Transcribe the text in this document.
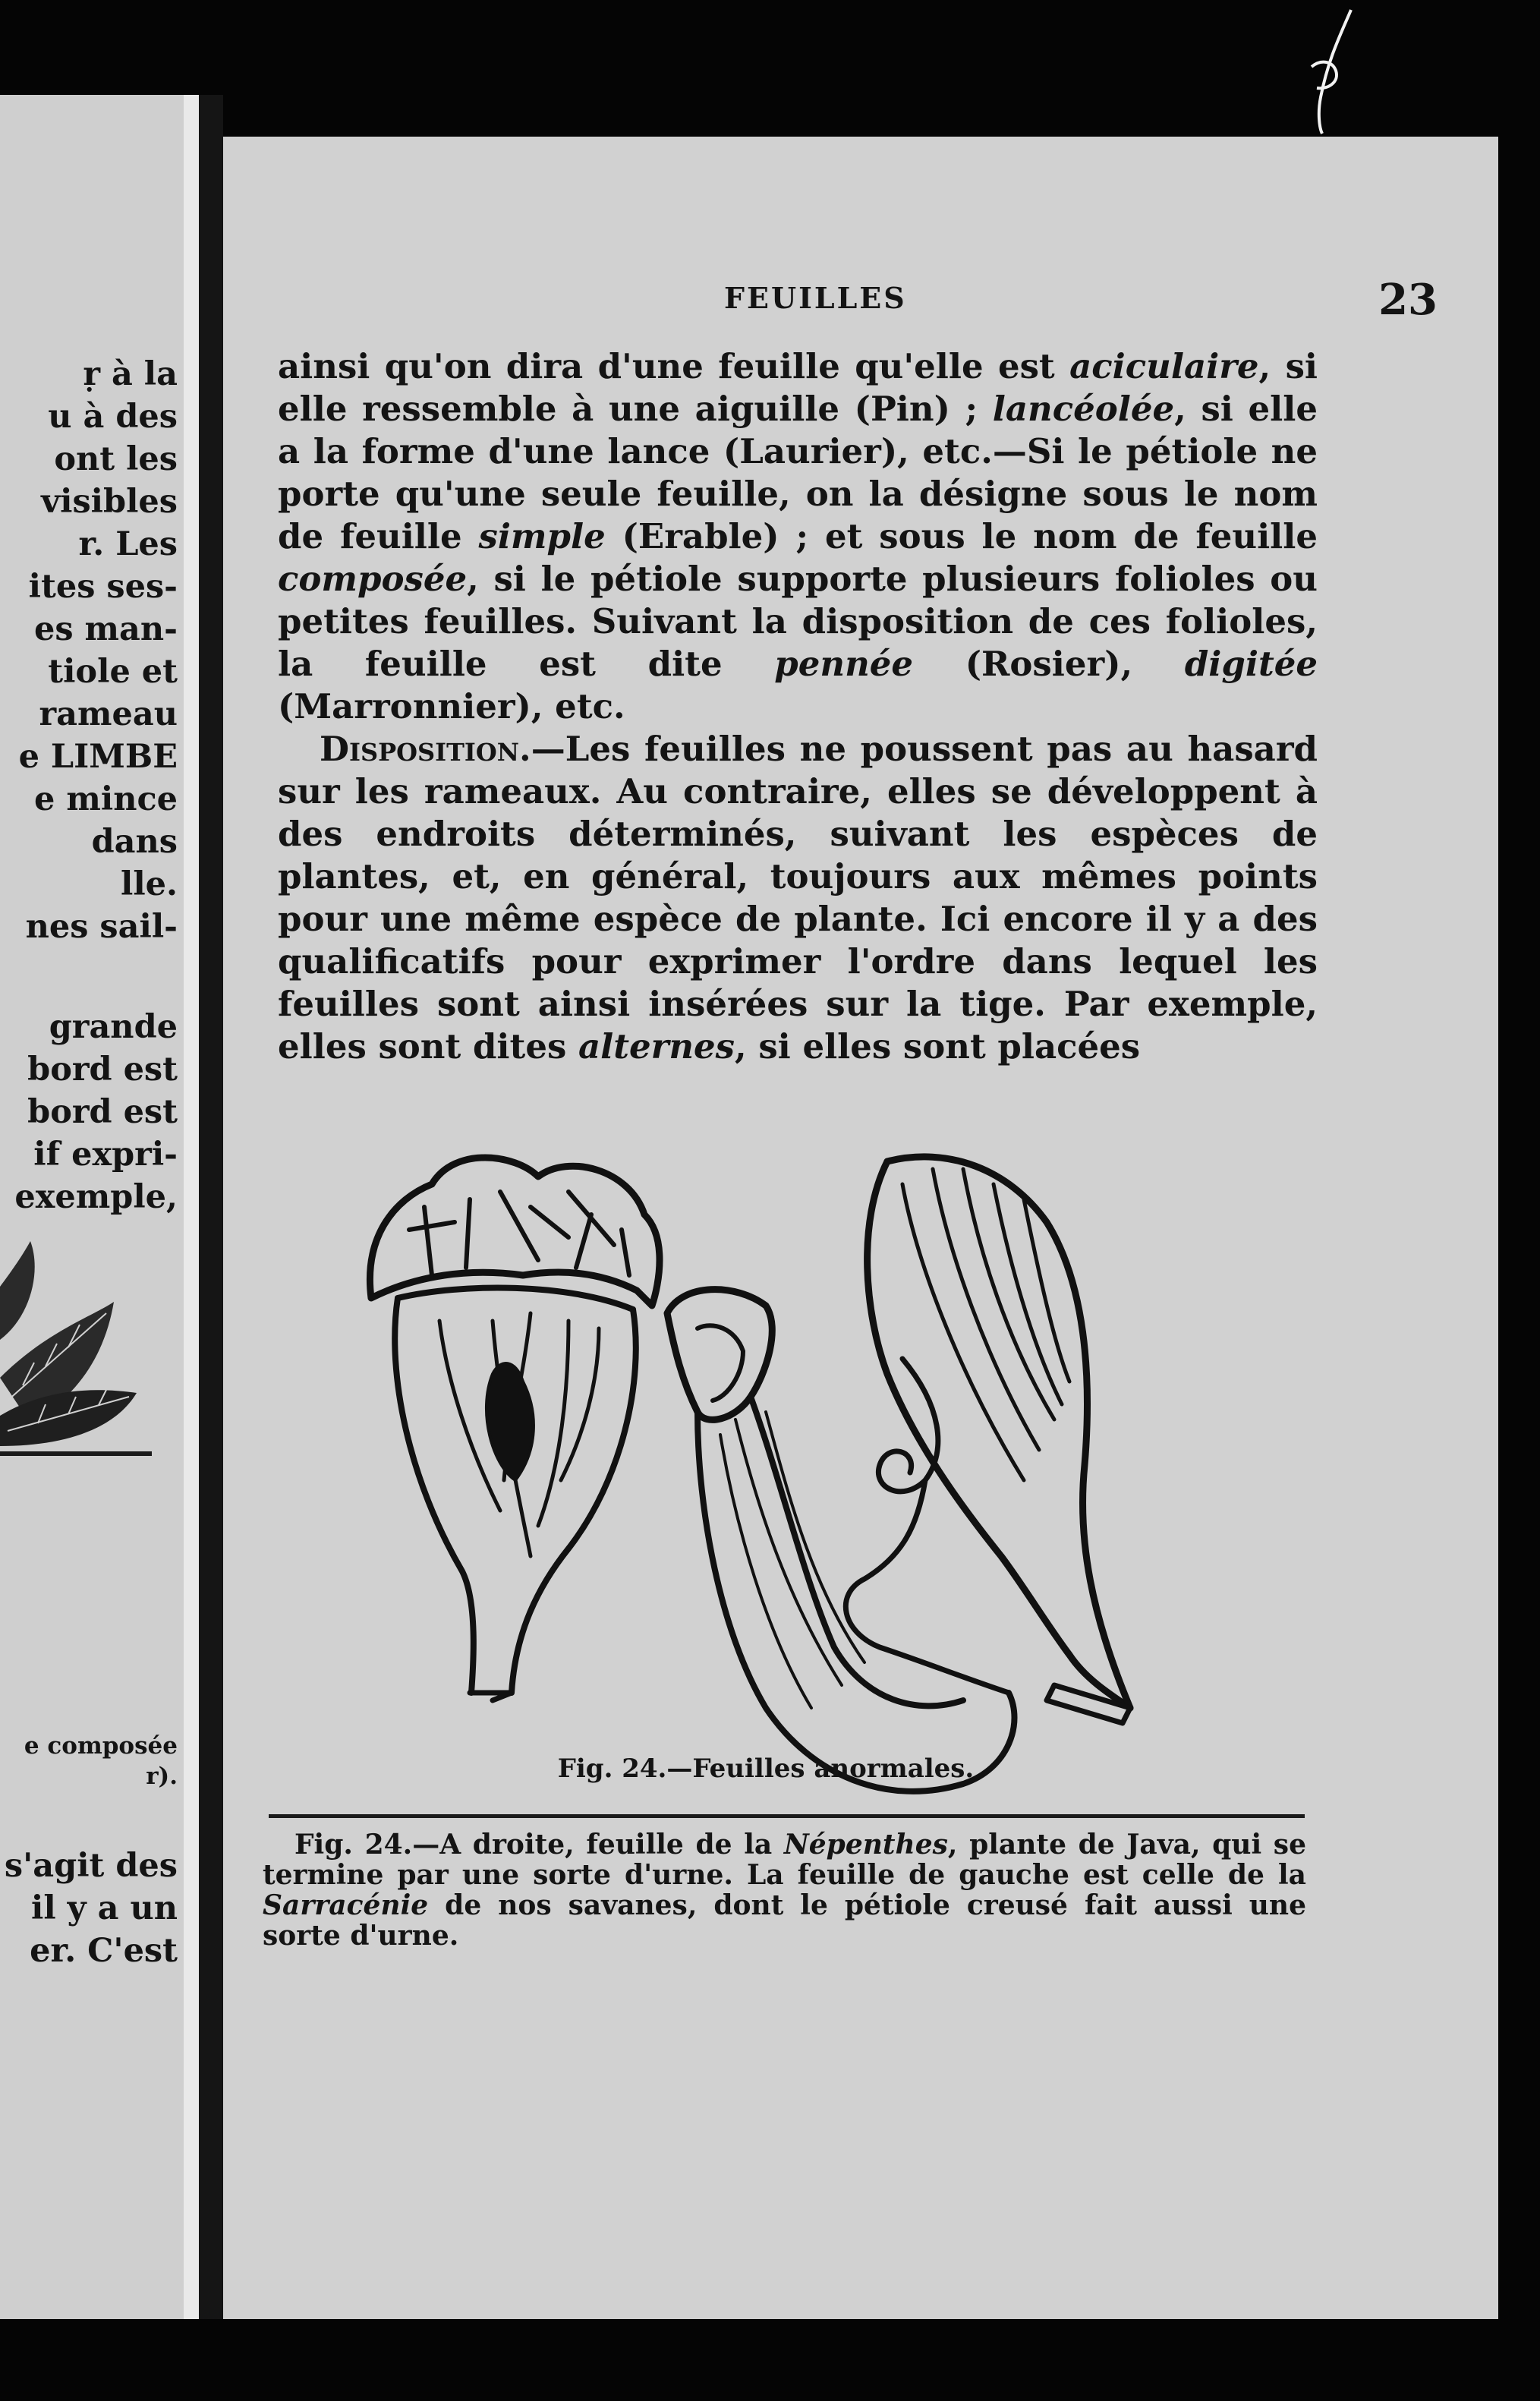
ṛ à la
u à des
ont les
visibles
r. Les
ites ses-
es man-
tiole et
rameau
e LIMBE
e mince
dans
lle.
nes sail-
grande
bord est
bord est
if expri-
exemple,
e composée
r).
s'agit des
il y a un
er. C'est
FEUILLES	23

ainsi qu'on dira d'une feuille qu'elle est aciculaire, si elle ressemble à une aiguille (Pin) ; lancéolée, si elle a la forme d'une lance (Laurier), etc.—Si le pétiole ne porte qu'une seule feuille, on la désigne sous le nom de feuille simple (Erable) ; et sous le nom de feuille composée, si le pétiole supporte plusieurs folioles ou petites feuilles. Suivant la disposition de ces folioles, la feuille est dite pennée (Rosier), digitée (Marronnier), etc.

Disposition.—Les feuilles ne poussent pas au hasard sur les rameaux. Au contraire, elles se développent à des endroits déterminés, suivant les espèces de plantes, et, en général, toujours aux mêmes points pour une même espèce de plante. Ici encore il y a des qualificatifs pour exprimer l'ordre dans lequel les feuilles sont ainsi insérées sur la tige. Par exemple, elles sont dites alternes, si elles sont placées

Fig. 24.—Feuilles anormales.

Fig. 24.—A droite, feuille de la Népenthes, plante de Java, qui se termine par une sorte d'urne. La feuille de gauche est celle de la Sarracénie de nos savanes, dont le pétiole creusé fait aussi une sorte d'urne.
